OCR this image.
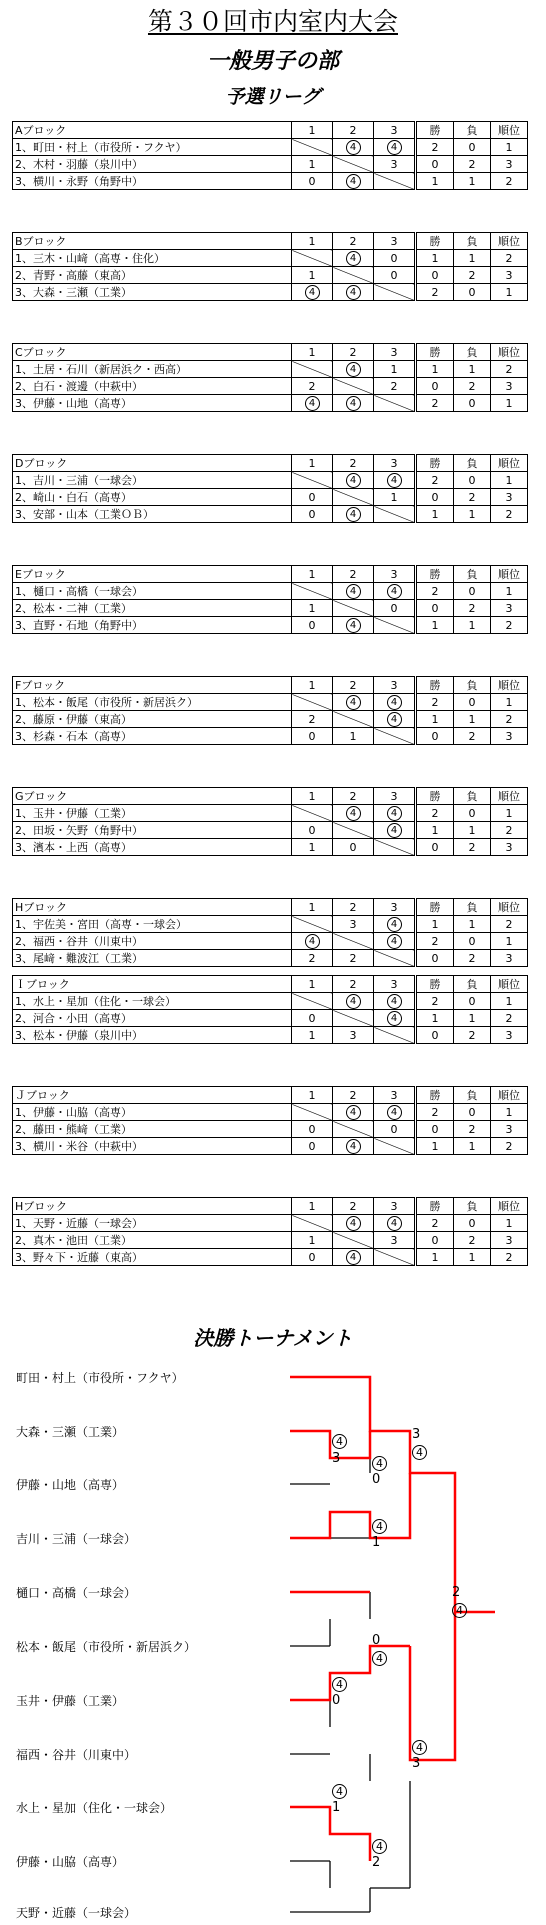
第３０回市内室内大会
一般男子の部
予選リーグ
Aブロック	1	2	3	勝	負	順位
1、町田・村上（市役所・フクヤ）		4	4	2	0	1
2、木村・羽藤（泉川中）	1		3	0	2	3
3、横川・永野（角野中）	0	4		1	1	2
Bブロック	1	2	3	勝	負	順位
1、三木・山﨑（高専・住化）		4	0	1	1	2
2、青野・高藤（東高）	1		0	0	2	3
3、大森・三瀬（工業）	4	4		2	0	1
Cブロック	1	2	3	勝	負	順位
1、土居・石川（新居浜ク・西高）		4	1	1	1	2
2、白石・渡邊（中萩中）	2		2	0	2	3
3、伊藤・山地（高専）	4	4		2	0	1
Dブロック	1	2	3	勝	負	順位
1、吉川・三浦（一球会）		4	4	2	0	1
2、崎山・白石（高専）	0		1	0	2	3
3、安部・山本（工業ＯＢ）	0	4		1	1	2
Eブロック	1	2	3	勝	負	順位
1、樋口・高橋（一球会）		4	4	2	0	1
2、松本・二神（工業）	1		0	0	2	3
3、直野・石地（角野中）	0	4		1	1	2
Fブロック	1	2	3	勝	負	順位
1、松本・飯尾（市役所・新居浜ク）		4	4	2	0	1
2、藤原・伊藤（東高）	2		4	1	1	2
3、杉森・石本（高専）	0	1		0	2	3
Gブロック	1	2	3	勝	負	順位
1、玉井・伊藤（工業）		4	4	2	0	1
2、田坂・矢野（角野中）	0		4	1	1	2
3、濱本・上西（高専）	1	0		0	2	3
Hブロック	1	2	3	勝	負	順位
1、宇佐美・宮田（高専・一球会）		3	4	1	1	2
2、福西・谷井（川東中）	4		4	2	0	1
3、尾﨑・難波江（工業）	2	2		0	2	3
Ｉブロック	1	2	3	勝	負	順位
1、水上・星加（住化・一球会）		4	4	2	0	1
2、河合・小田（高専）	0		4	1	1	2
3、松本・伊藤（泉川中）	1	3		0	2	3
Ｊブロック	1	2	3	勝	負	順位
1、伊藤・山脇（高専）		4	4	2	0	1
2、藤田・熊﨑（工業）	0		0	0	2	3
3、横川・米谷（中萩中）	0	4		1	1	2
Hブロック	1	2	3	勝	負	順位
1、天野・近藤（一球会）		4	4	2	0	1
2、真木・池田（工業）	1		3	0	2	3
3、野々下・近藤（東高）	0	4		1	1	2
決勝トーナメント
町田・村上（市役所・フクヤ）
大森・三瀬（工業）
伊藤・山地（高専）
吉川・三浦（一球会）
樋口・高橋（一球会）
松本・飯尾（市役所・新居浜ク）
玉井・伊藤（工業）
福西・谷井（川東中）
水上・星加（住化・一球会）
伊藤・山脇（高専）
天野・近藤（一球会）
4
0
4
3
3
4
4
1
2
4
0
4
4
0
4
3
4
1
4
2
